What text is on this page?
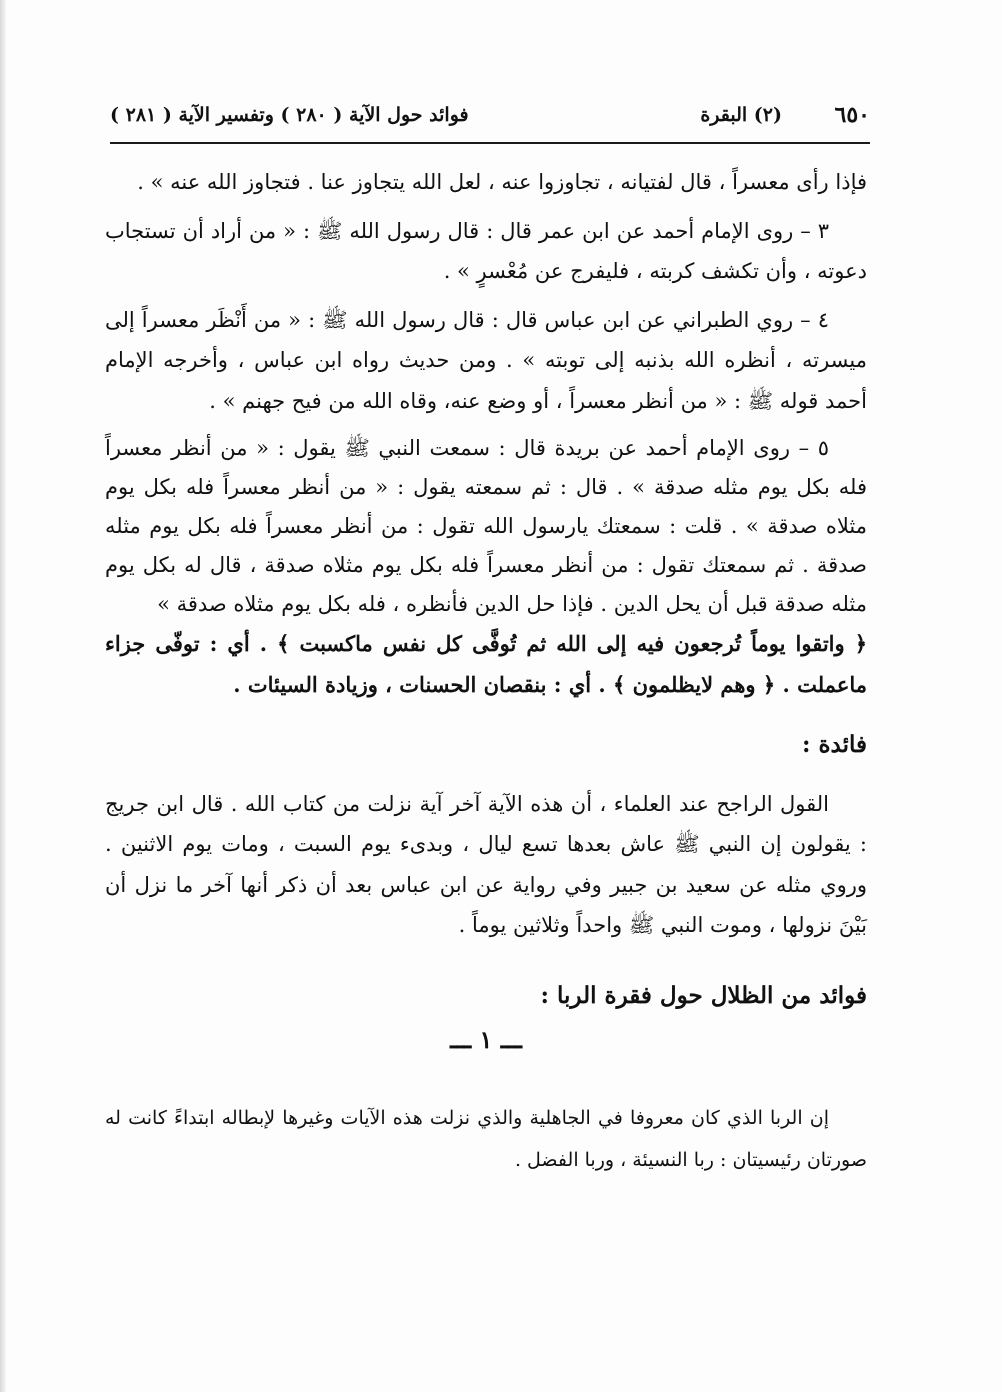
٦٥٠
(٢) البقرة
فوائد حول الآية ( ٢٨٠ ) وتفسير الآية ( ٢٨١ )

فإذا رأى معسراً ، قال لفتيانه ، تجاوزوا عنه ، لعل الله يتجاوز عنا . فتجاوز الله عنه » .

٣ – روى الإمام أحمد عن ابن عمر قال : قال رسول الله ﷺ : « من أراد أن تستجاب دعوته ، وأن تكشف كربته ، فليفرج عن مُعْسرٍ » .

٤ – روي الطبراني عن ابن عباس قال : قال رسول الله ﷺ : « من أَنْظَر معسراً إلى ميسرته ، أنظره الله بذنبه إلى توبته » . ومن حديث رواه ابن عباس ، وأخرجه الإمام أحمد قوله ﷺ : « من أنظر معسراً ، أو وضع عنه، وقاه الله من فيح جهنم » .

٥ – روى الإمام أحمد عن بريدة قال : سمعت النبي ﷺ يقول : « من أنظر معسراً فله بكل يوم مثله صدقة » . قال : ثم سمعته يقول : « من أنظر معسراً فله بكل يوم مثلاه صدقة » . قلت : سمعتك يارسول الله تقول : من أنظر معسراً فله بكل يوم مثله صدقة . ثم سمعتك تقول : من أنظر معسراً فله بكل يوم مثلاه صدقة ، قال له بكل يوم مثله صدقة قبل أن يحل الدين . فإذا حل الدين فأنظره ، فله بكل يوم مثلاه صدقة »

﴿ واتقوا يوماً تُرجعون فيه إلى الله ثم تُوفَّى كل نفس ماكسبت ﴾ . أي : توفّى جزاء ماعملت . ﴿ وهم لايظلمون ﴾ . أي : بنقصان الحسنات ، وزيادة السيئات .

فائدة :

القول الراجح عند العلماء ، أن هذه الآية آخر آية نزلت من كتاب الله . قال ابن جريج : يقولون إن النبي ﷺ عاش بعدها تسع ليال ، وبدىء يوم السبت ، ومات يوم الاثنين . وروي مثله عن سعيد بن جبير وفي رواية عن ابن عباس بعد أن ذكر أنها آخر ما نزل أن بَيْنَ نزولها ، وموت النبي ﷺ واحداً وثلاثين يوماً .

فوائد من الظلال حول فقرة الربا :
ـــ ١ ـــ

إن الربا الذي كان معروفا في الجاهلية والذي نزلت هذه الآيات وغيرها لإبطاله ابتداءً كانت له صورتان رئيسيتان : ربا النسيئة ، وربا الفضل .
